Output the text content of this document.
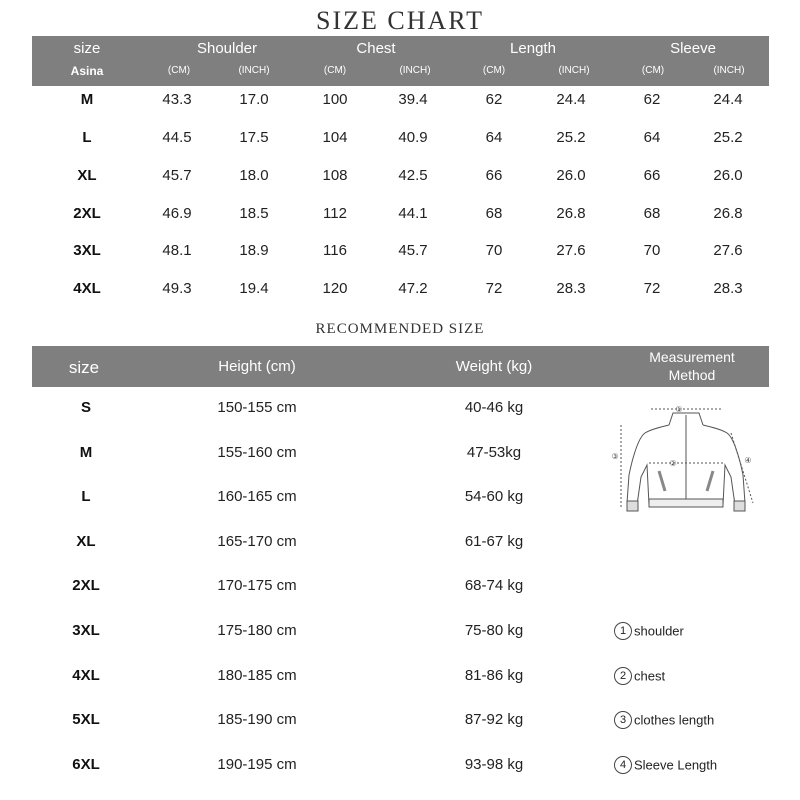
SIZE CHART
size
Asina
Shoulder	Chest	Length	Sleeve
(CM)	(INCH)	(CM)	(INCH)	(CM)	(INCH)	(CM)	(INCH)
M	43.3	17.0	100	39.4	62	24.4	62	24.4
L	44.5	17.5	104	40.9	64	25.2	64	25.2
XL	45.7	18.0	108	42.5	66	26.0	66	26.0
2XL	46.9	18.5	112	44.1	68	26.8	68	26.8
3XL	48.1	18.9	116	45.7	70	27.6	70	27.6
4XL	49.3	19.4	120	47.2	72	28.3	72	28.3
RECOMMENDED SIZE
size	Height (cm)	Weight (kg)
Measurement
Method
S	150-155 cm	40-46 kg
M	155-160 cm	47-53kg
L	160-165 cm	54-60 kg
XL	165-170 cm	61-67 kg
2XL	170-175 cm	68-74 kg
3XL	175-180 cm	75-80 kg
4XL	180-185 cm	81-86 kg
5XL	185-190 cm	87-92 kg
6XL	190-195 cm	93-98 kg
①
②
③	④
1 shoulder
2 chest
3 clothes length
4 Sleeve Length
